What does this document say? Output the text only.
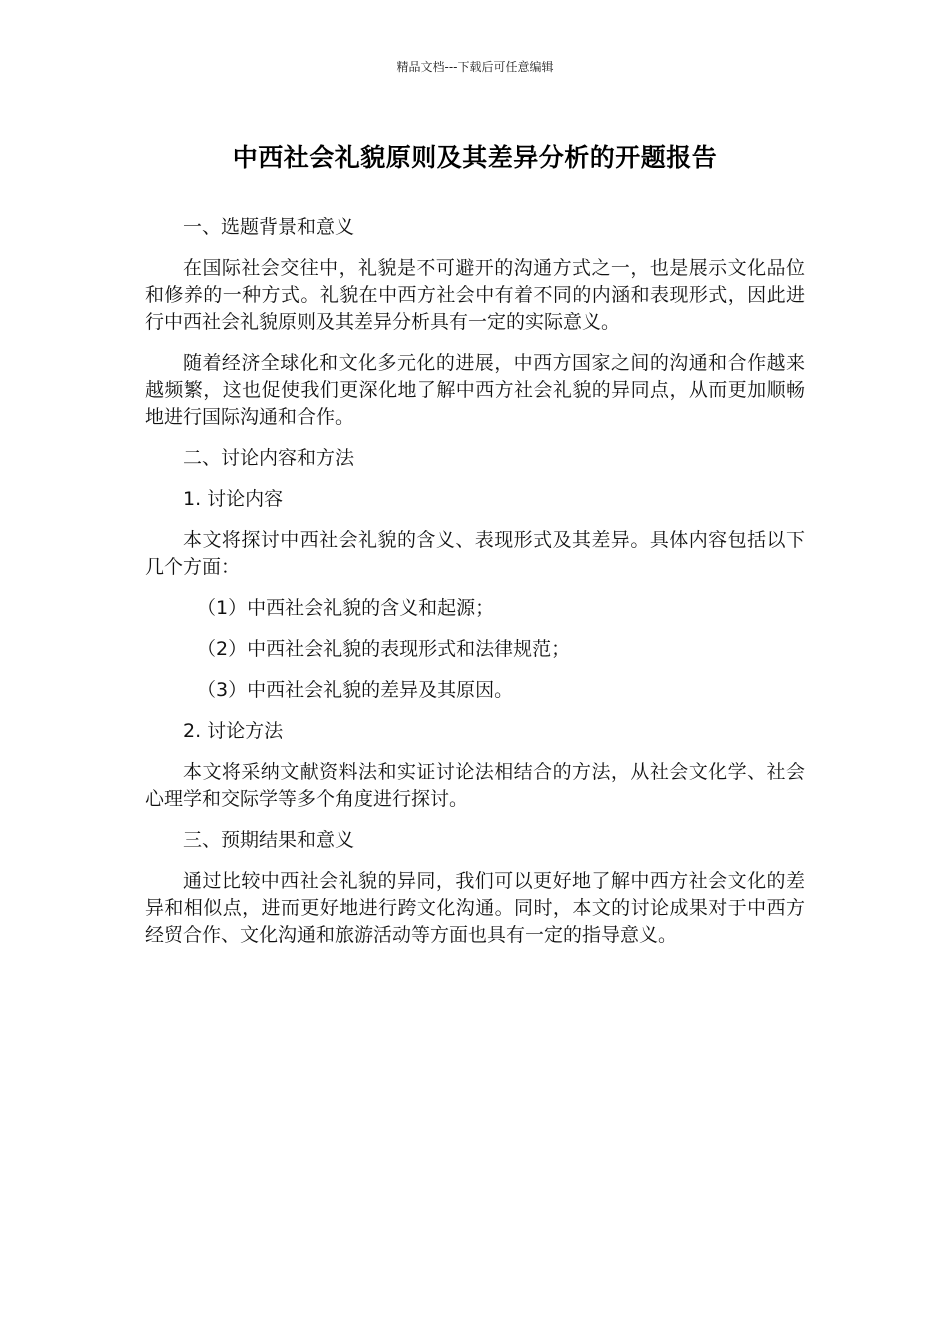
精品文档---下载后可任意编辑
中西社会礼貌原则及其差异分析的开题报告
一、选题背景和意义
在国际社会交往中，礼貌是不可避开的沟通方式之一，也是展示文化品位和修养的一种方式。礼貌在中西方社会中有着不同的内涵和表现形式，因此进行中西社会礼貌原则及其差异分析具有一定的实际意义。
随着经济全球化和文化多元化的进展，中西方国家之间的沟通和合作越来越频繁，这也促使我们更深化地了解中西方社会礼貌的异同点，从而更加顺畅地进行国际沟通和合作。
二、讨论内容和方法
1. 讨论内容
本文将探讨中西社会礼貌的含义、表现形式及其差异。具体内容包括以下几个方面：
（1）中西社会礼貌的含义和起源；
（2）中西社会礼貌的表现形式和法律规范；
（3）中西社会礼貌的差异及其原因。
2. 讨论方法
本文将采纳文献资料法和实证讨论法相结合的方法，从社会文化学、社会心理学和交际学等多个角度进行探讨。
三、预期结果和意义
通过比较中西社会礼貌的异同，我们可以更好地了解中西方社会文化的差异和相似点，进而更好地进行跨文化沟通。同时，本文的讨论成果对于中西方经贸合作、文化沟通和旅游活动等方面也具有一定的指导意义。
